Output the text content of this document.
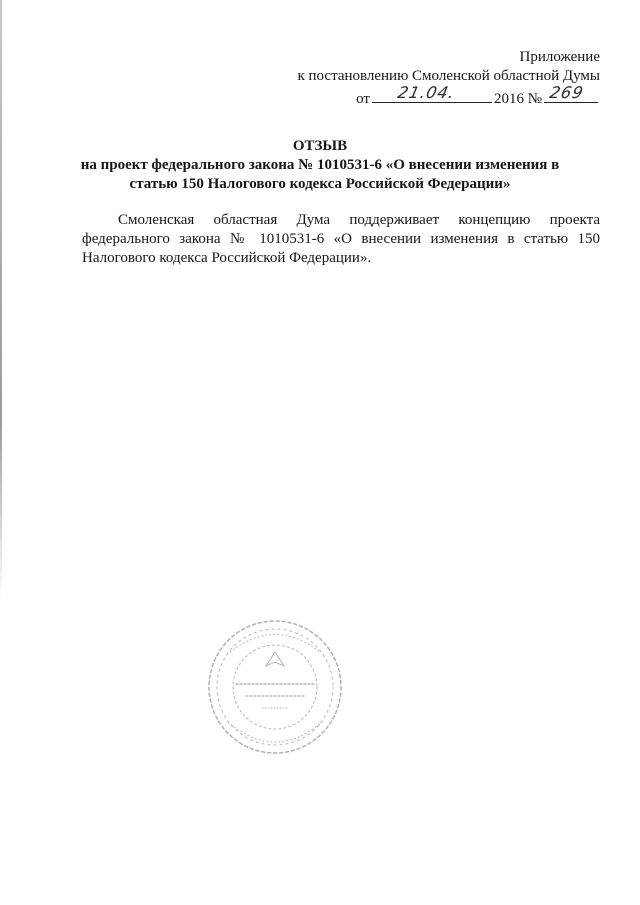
Приложение
к постановлению Смоленской областной Думы
от 21.04. 2016 № 269
ОТЗЫВ
на проект федерального закона № 1010531-6 «О внесении изменения в
статью 150 Налогового кодекса Российской Федерации»
Смоленская областная Дума поддерживает концепцию проекта федерального закона № 1010531-6 «О внесении изменения в статью 150 Налогового кодекса Российской Федерации».
